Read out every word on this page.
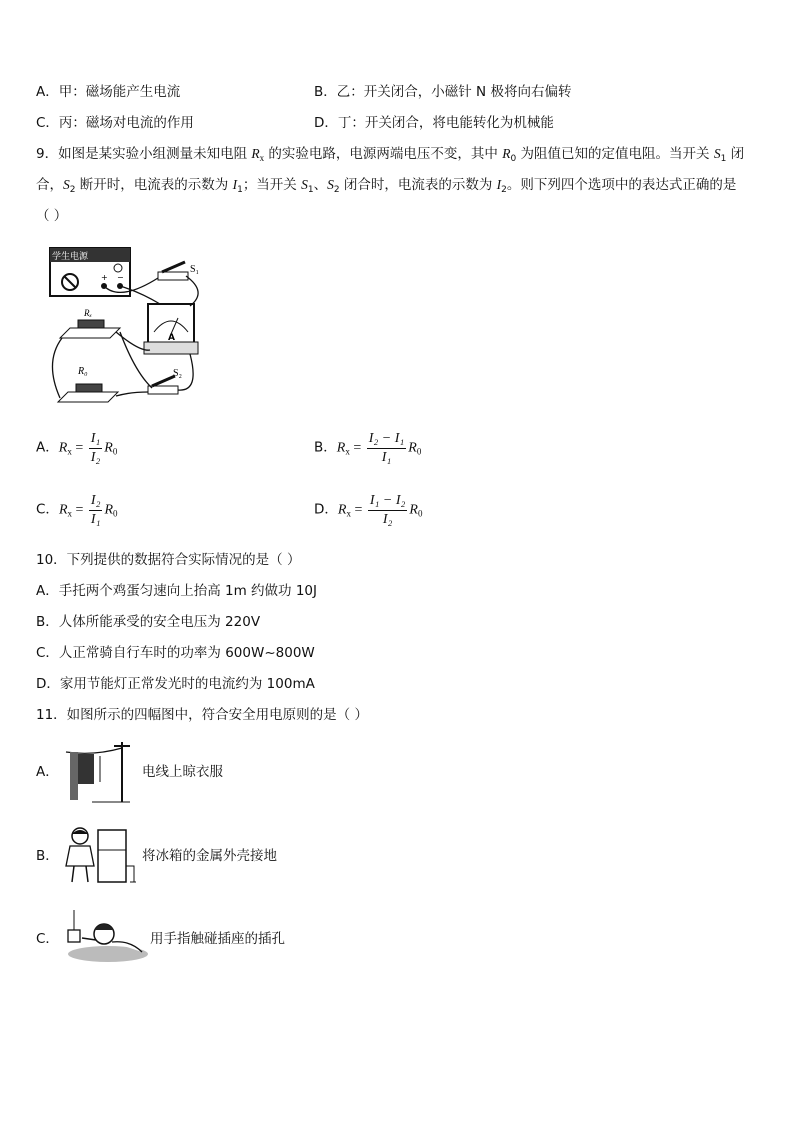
A．甲：磁场能产生电流	B．乙：开关闭合，小磁针 N 极将向右偏转
C．丙：磁场对电流的作用	D．丁：开关闭合，将电能转化为机械能
9．如图是某实验小组测量未知电阻 $R_x$ 的实验电路，电源两端电压不变，其中 $R_0$ 为阻值已知的定值电阻。当开关 $S_1$ 闭
合，$S_2$ 断开时，电流表的示数为 $I_1$；当开关 $S_1$、$S_2$ 闭合时，电流表的示数为 $I_2$。则下列四个选项中的表达式正确的是
（ ）
学生电源
+ −
S₁
Rₓ
A
R₀	S₂
A．$R_x = \frac{\text{I₁}}{\text{I₂}} R_0$	B．$R_x = \frac{\text{I₂ − I₁}}{\text{I₁}} R_0$
C．$R_x = \frac{\text{I₂}}{\text{I₁}} R_0$	D．$R_x = \frac{\text{I₁ − I₂}}{\text{I₂}} R_0$
10．下列提供的数据符合实际情况的是（ ）
A．手托两个鸡蛋匀速向上抬高 1m 约做功 10J
B．人体所能承受的安全电压为 220V
C．人正常骑自行车时的功率为 600W~800W
D．家用节能灯正常发光时的电流约为 100mA
11．如图所示的四幅图中，符合安全用电原则的是（ ）
A．	电线上晾衣服
B．	将冰箱的金属外壳接地
C．	用手指触碰插座的插孔
